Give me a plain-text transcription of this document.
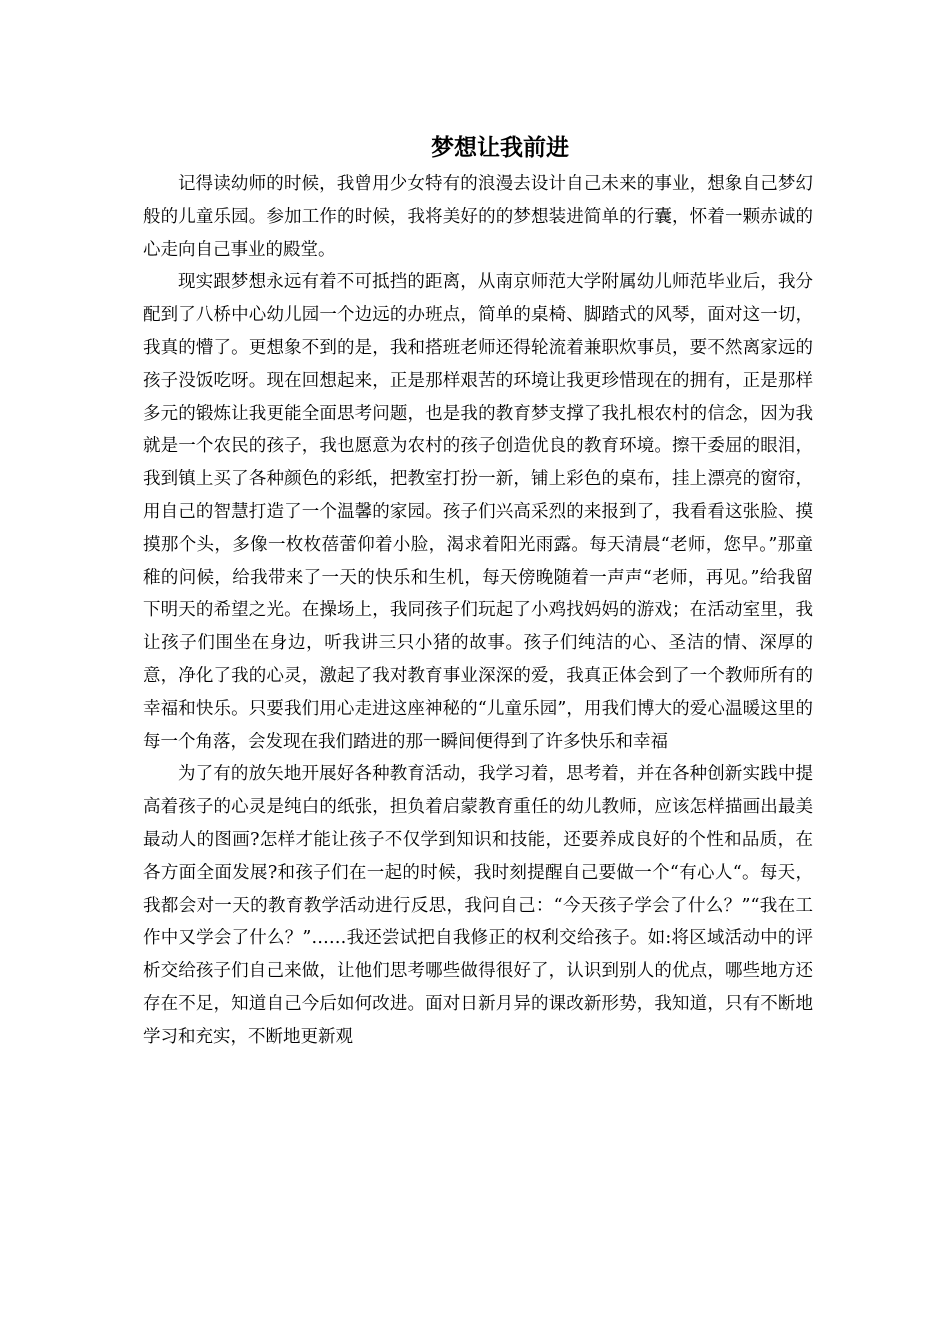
梦想让我前进

记得读幼师的时候，我曾用少女特有的浪漫去设计自己未来的事业，想象自己梦幻般的儿童乐园。参加工作的时候，我将美好的的梦想装进简单的行囊，怀着一颗赤诚的心走向自己事业的殿堂。

现实跟梦想永远有着不可抵挡的距离，从南京师范大学附属幼儿师范毕业后，我分配到了八桥中心幼儿园一个边远的办班点，简单的桌椅、脚踏式的风琴，面对这一切，我真的懵了。更想象不到的是，我和搭班老师还得轮流着兼职炊事员，要不然离家远的孩子没饭吃呀。现在回想起来，正是那样艰苦的环境让我更珍惜现在的拥有，正是那样多元的锻炼让我更能全面思考问题，也是我的教育梦支撑了我扎根农村的信念，因为我就是一个农民的孩子，我也愿意为农村的孩子创造优良的教育环境。擦干委屈的眼泪，我到镇上买了各种颜色的彩纸，把教室打扮一新，铺上彩色的桌布，挂上漂亮的窗帘，用自己的智慧打造了一个温馨的家园。孩子们兴高采烈的来报到了，我看看这张脸、摸摸那个头，多像一枚枚蓓蕾仰着小脸，渴求着阳光雨露。每天清晨“老师，您早。”那童稚的问候，给我带来了一天的快乐和生机，每天傍晚随着一声声“老师，再见。”给我留下明天的希望之光。在操场上，我同孩子们玩起了小鸡找妈妈的游戏；在活动室里，我让孩子们围坐在身边，听我讲三只小猪的故事。孩子们纯洁的心、圣洁的情、深厚的意，净化了我的心灵，激起了我对教育事业深深的爱，我真正体会到了一个教师所有的幸福和快乐。只要我们用心走进这座神秘的“儿童乐园”，用我们博大的爱心温暖这里的每一个角落，会发现在我们踏进的那一瞬间便得到了许多快乐和幸福

为了有的放矢地开展好各种教育活动，我学习着，思考着，并在各种创新实践中提高着孩子的心灵是纯白的纸张，担负着启蒙教育重任的幼儿教师，应该怎样描画出最美最动人的图画?怎样才能让孩子不仅学到知识和技能，还要养成良好的个性和品质，在各方面全面发展?和孩子们在一起的时候，我时刻提醒自己要做一个“有心人“。每天，我都会对一天的教育教学活动进行反思，我问自己：“今天孩子学会了什么？”“我在工作中又学会了什么？”……我还尝试把自我修正的权利交给孩子。如:将区域活动中的评析交给孩子们自己来做，让他们思考哪些做得很好了，认识到别人的优点，哪些地方还存在不足，知道自己今后如何改进。面对日新月异的课改新形势，我知道，只有不断地学习和充实，不断地更新观
